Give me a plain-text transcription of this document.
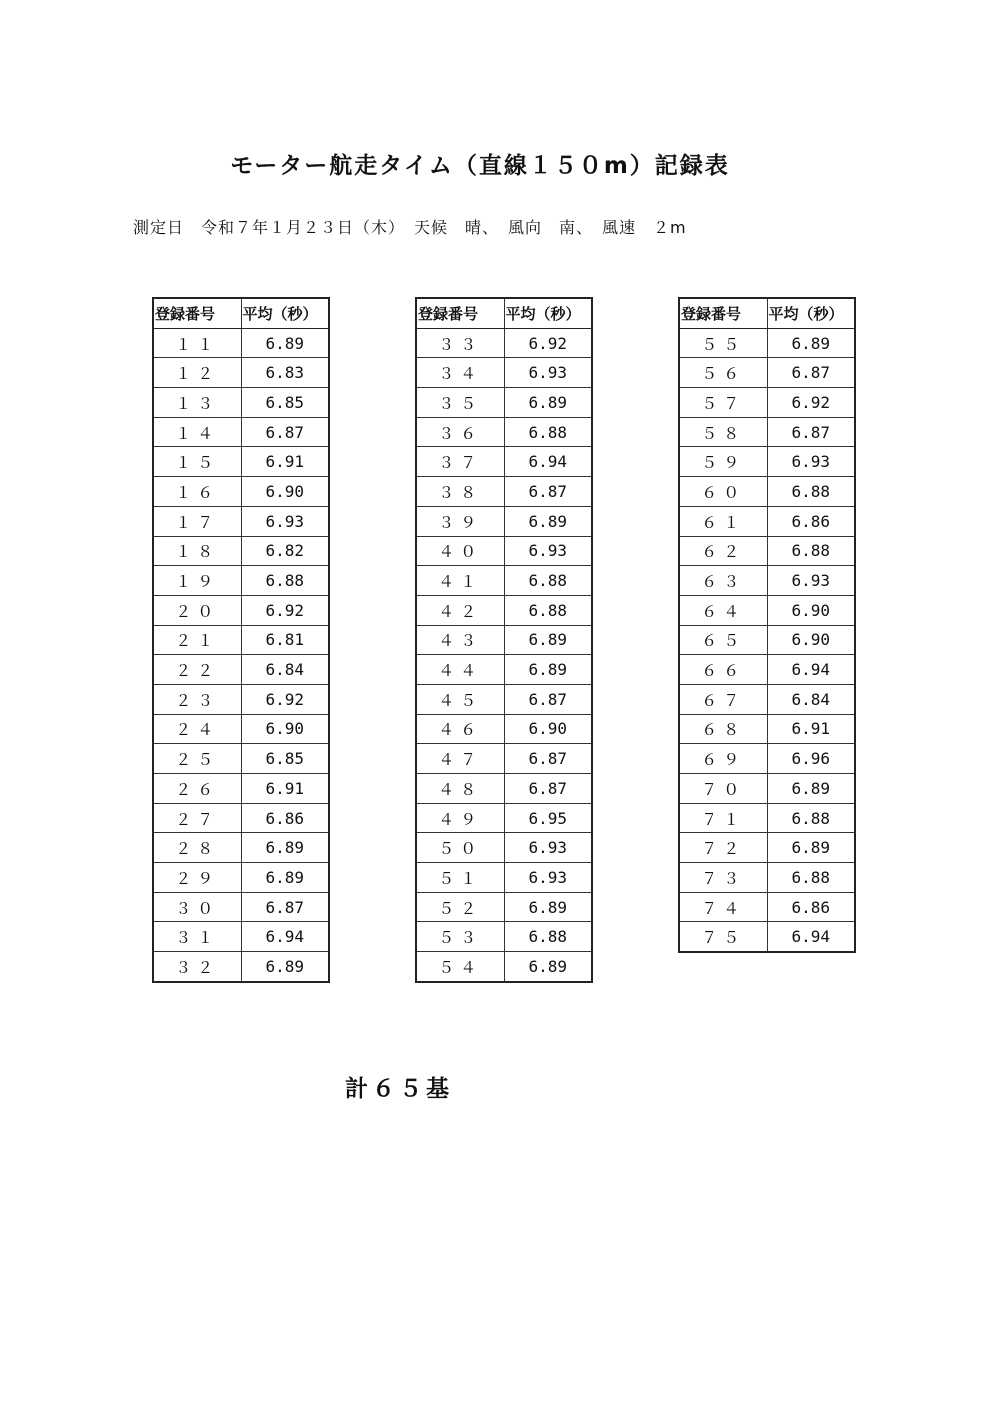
モーター航走タイム（直線１５０m）記録表
測定日　令和７年１月２３日（木）　天候　晴、　風向　南、　風速　２m
登録番号	平均（秒）
１１	6.89
１２	6.83
１３	6.85
１４	6.87
１５	6.91
１６	6.90
１７	6.93
１８	6.82
１９	6.88
２０	6.92
２１	6.81
２２	6.84
２３	6.92
２４	6.90
２５	6.85
２６	6.91
２７	6.86
２８	6.89
２９	6.89
３０	6.87
３１	6.94
３２	6.89
登録番号	平均（秒）
３３	6.92
３４	6.93
３５	6.89
３６	6.88
３７	6.94
３８	6.87
３９	6.89
４０	6.93
４１	6.88
４２	6.88
４３	6.89
４４	6.89
４５	6.87
４６	6.90
４７	6.87
４８	6.87
４９	6.95
５０	6.93
５１	6.93
５２	6.89
５３	6.88
５４	6.89
登録番号	平均（秒）
５５	6.89
５６	6.87
５７	6.92
５８	6.87
５９	6.93
６０	6.88
６１	6.86
６２	6.88
６３	6.93
６４	6.90
６５	6.90
６６	6.94
６７	6.84
６８	6.91
６９	6.96
７０	6.89
７１	6.88
７２	6.89
７３	6.88
７４	6.86
７５	6.94
計６５基
